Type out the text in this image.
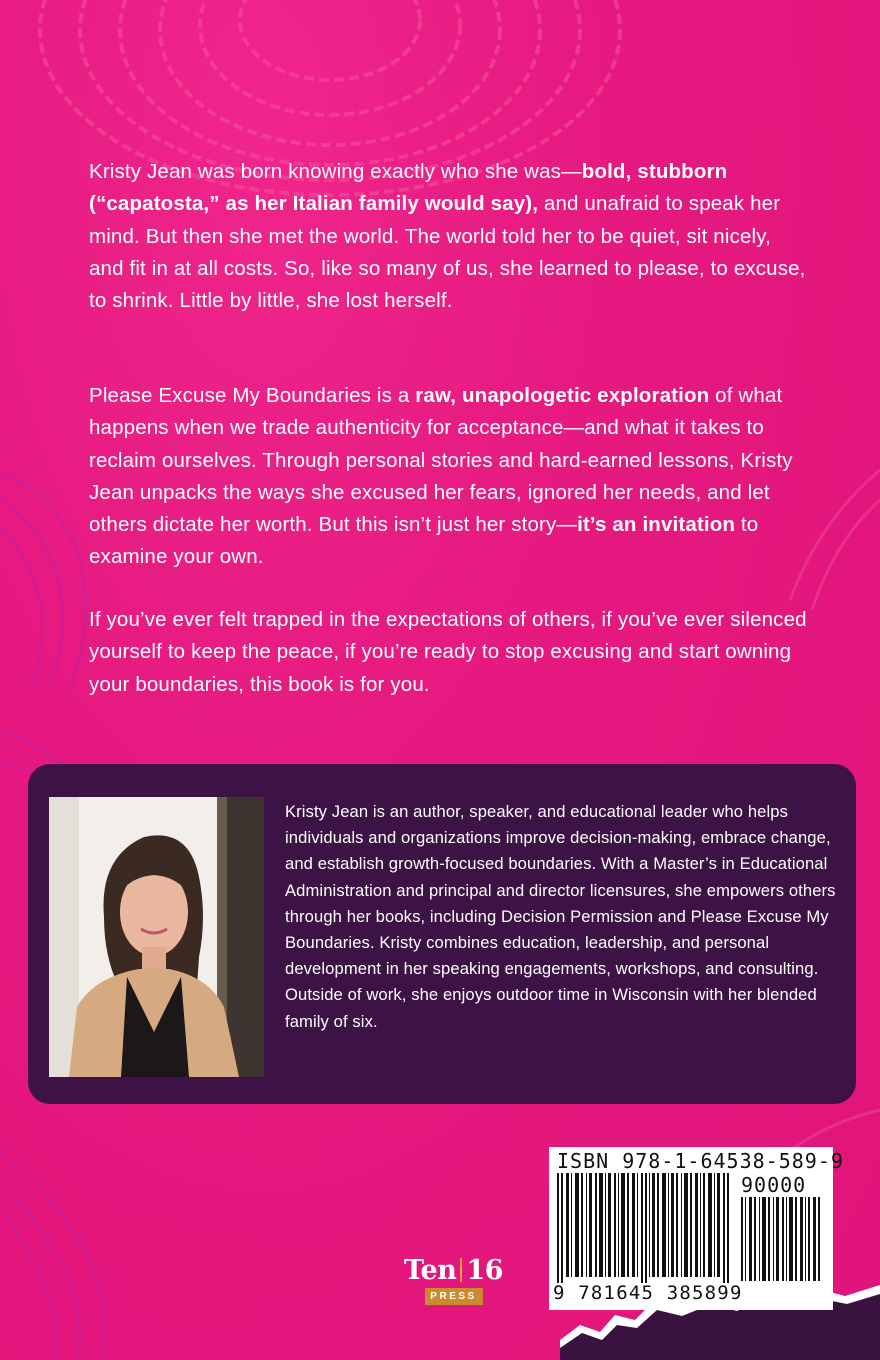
Kristy Jean was born knowing exactly who she was—bold, stubborn (“capatosta,” as her Italian family would say), and unafraid to speak her mind. But then she met the world. The world told her to be quiet, sit nicely, and fit in at all costs. So, like so many of us, she learned to please, to excuse, to shrink. Little by little, she lost herself.

Please Excuse My Boundaries is a raw, unapologetic exploration of what happens when we trade authenticity for acceptance—and what it takes to reclaim ourselves. Through personal stories and hard-earned lessons, Kristy Jean unpacks the ways she excused her fears, ignored her needs, and let others dictate her worth. But this isn’t just her story—it’s an invitation to examine your own.

If you’ve ever felt trapped in the expectations of others, if you’ve ever silenced yourself to keep the peace, if you’re ready to stop excusing and start owning your boundaries, this book is for you.

Kristy Jean is an author, speaker, and educational leader who helps individuals and organizations improve decision-making, embrace change, and establish growth-focused boundaries. With a Master’s in Educational Administration and principal and director licensures, she empowers others through her books, including Decision Permission and Please Excuse My Boundaries. Kristy combines education, leadership, and personal development in her speaking engagements, workshops, and consulting. Outside of work, she enjoys outdoor time in Wisconsin with her blended family of six.

Ten 16
PRESS
ISBN 978-1-64538-589-9
90000
9 781645 385899
